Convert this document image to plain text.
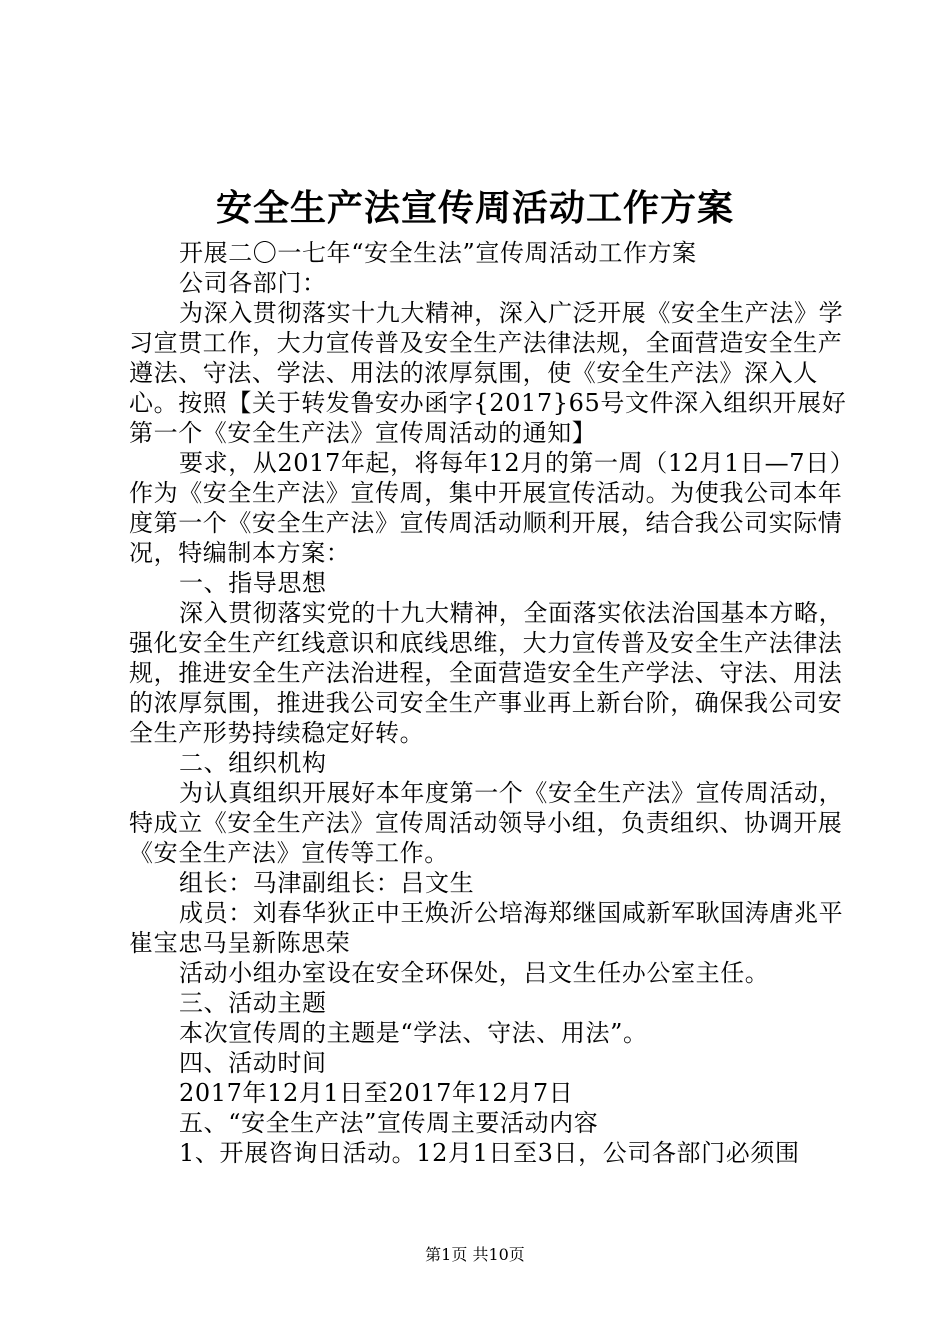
安全生产法宣传周活动工作方案

开展二〇一七年“安全生法”宣传周活动工作方案

公司各部门：

为深入贯彻落实十九大精神，深入广泛开展《安全生产法》学习宣贯工作，大力宣传普及安全生产法律法规，全面营造安全生产遵法、守法、学法、用法的浓厚氛围，使《安全生产法》深入人心。按照【关于转发鲁安办函字{2017}65号文件深入组织开展好第一个《安全生产法》宣传周活动的通知】

要求，从2017年起，将每年12月的第一周（12月1日—7日）作为《安全生产法》宣传周，集中开展宣传活动。为使我公司本年度第一个《安全生产法》宣传周活动顺利开展，结合我公司实际情况，特编制本方案：

一、指导思想

深入贯彻落实党的十九大精神，全面落实依法治国基本方略，强化安全生产红线意识和底线思维，大力宣传普及安全生产法律法规，推进安全生产法治进程，全面营造安全生产学法、守法、用法的浓厚氛围，推进我公司安全生产事业再上新台阶，确保我公司安全生产形势持续稳定好转。

二、组织机构

为认真组织开展好本年度第一个《安全生产法》宣传周活动，特成立《安全生产法》宣传周活动领导小组，负责组织、协调开展《安全生产法》宣传等工作。

组长：马津副组长：吕文生

成员：刘春华狄正中王焕沂公培海郑继国咸新军耿国涛唐兆平崔宝忠马呈新陈思荣

活动小组办室设在安全环保处，吕文生任办公室主任。

三、活动主题

本次宣传周的主题是“学法、守法、用法”。

四、活动时间

2017年12月1日至2017年12月7日

五、“安全生产法”宣传周主要活动内容

1、开展咨询日活动。12月1日至3日，公司各部门必须围

第1页 共10页
